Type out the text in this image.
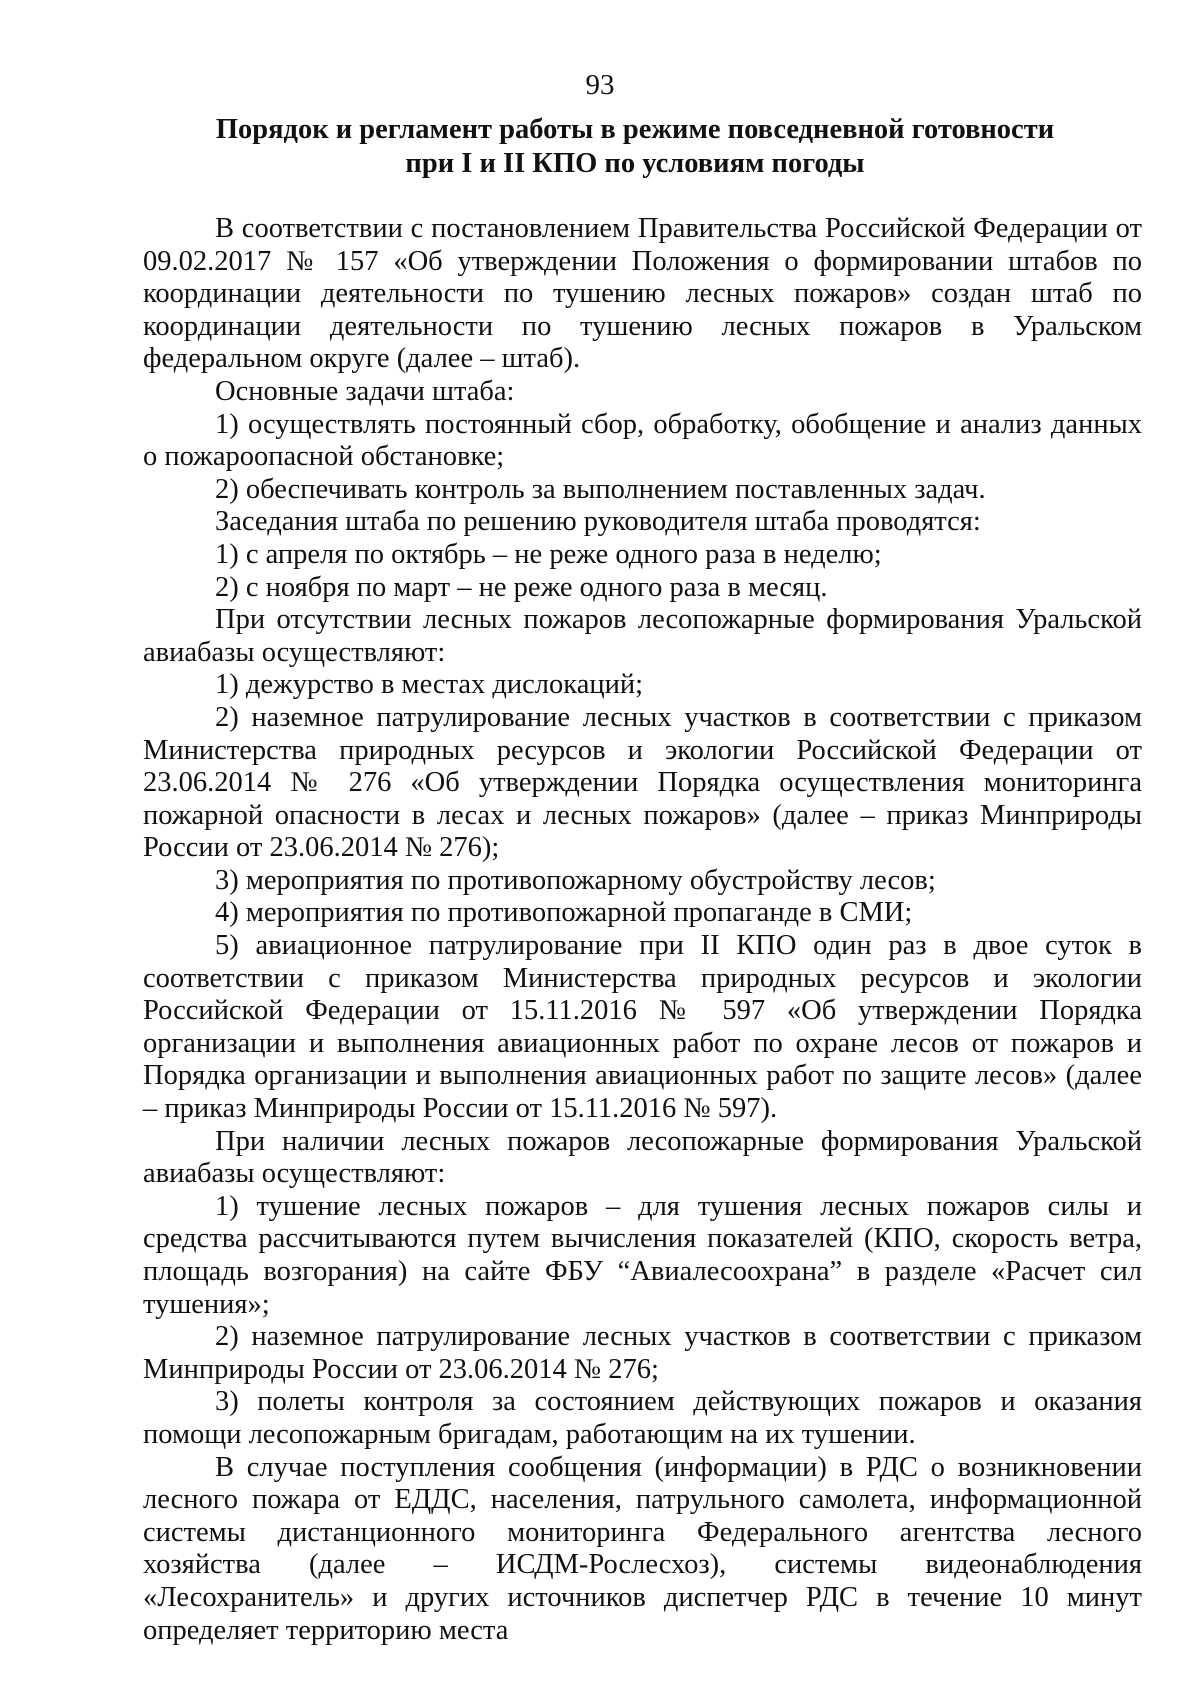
93
Порядок и регламент работы в режиме повседневной готовности
при I и II КПО по условиям погоды

В соответствии с постановлением Правительства Российской Федерации от 09.02.2017 № 157 «Об утверждении Положения о формировании штабов по координации деятельности по тушению лесных пожаров» создан штаб по координации деятельности по тушению лесных пожаров в Уральском федеральном округе (далее – штаб).

Основные задачи штаба:

1) осуществлять постоянный сбор, обработку, обобщение и анализ данных о пожароопасной обстановке;

2) обеспечивать контроль за выполнением поставленных задач.

Заседания штаба по решению руководителя штаба проводятся:

1) с апреля по октябрь – не реже одного раза в неделю;

2) с ноября по март – не реже одного раза в месяц.

При отсутствии лесных пожаров лесопожарные формирования Уральской авиабазы осуществляют:

1) дежурство в местах дислокаций;

2) наземное патрулирование лесных участков в соответствии с приказом Министерства природных ресурсов и экологии Российской Федерации от 23.06.2014 № 276 «Об утверждении Порядка осуществления мониторинга пожарной опасности в лесах и лесных пожаров» (далее – приказ Минприроды России от 23.06.2014 № 276);

3) мероприятия по противопожарному обустройству лесов;

4) мероприятия по противопожарной пропаганде в СМИ;

5) авиационное патрулирование при II КПО один раз в двое суток в соответствии с приказом Министерства природных ресурсов и экологии Российской Федерации от 15.11.2016 № 597 «Об утверждении Порядка организации и выполнения авиационных работ по охране лесов от пожаров и Порядка организации и выполнения авиационных работ по защите лесов» (далее – приказ Минприроды России от 15.11.2016 № 597).

При наличии лесных пожаров лесопожарные формирования Уральской авиабазы осуществляют:

1) тушение лесных пожаров – для тушения лесных пожаров силы и средства рассчитываются путем вычисления показателей (КПО, скорость ветра, площадь возгорания) на сайте ФБУ “Авиалесоохрана” в разделе «Расчет сил тушения»;

2) наземное патрулирование лесных участков в соответствии с приказом Минприроды России от 23.06.2014 № 276;

3) полеты контроля за состоянием действующих пожаров и оказания помощи лесопожарным бригадам, работающим на их тушении.

В случае поступления сообщения (информации) в РДС о возникновении лесного пожара от ЕДДС, населения, патрульного самолета, информационной системы дистанционного мониторинга Федерального агентства лесного хозяйства (далее – ИСДМ-Рослесхоз), системы видеонаблюдения «Лесохранитель» и других источников диспетчер РДС в течение 10 минут определяет территорию места
